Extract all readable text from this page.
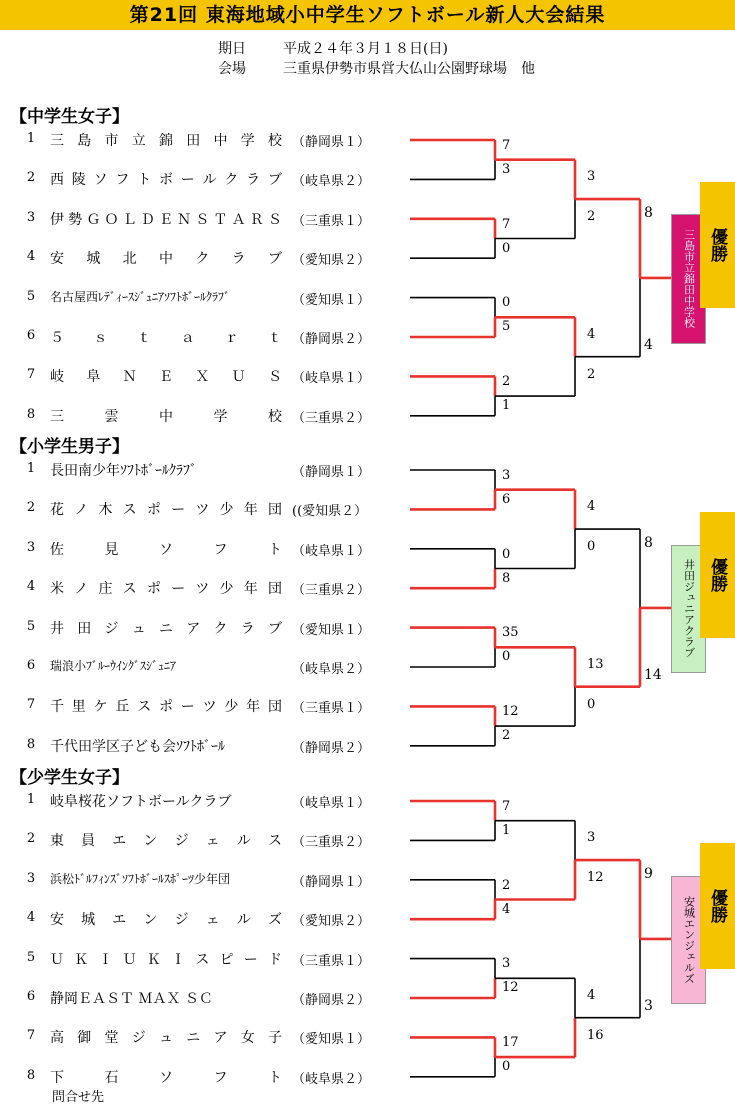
第21回 東海地域小中学生ソフトボール新人大会結果
期日	平成２４年３月１８日(日)
会場	三重県伊勢市県営大仏山公園野球場　他
【中学生女子】
1 三 島 市 立 錦 田 中 学 校 （静岡県１）
2 西 陵 ソ フ ト ボ ー ル ク ラ ブ （岐阜県２）
3 伊 勢 Ｇ Ｏ Ｌ Ｄ Ｅ Ｎ Ｓ Ｔ Ａ Ｒ Ｓ （三重県１）
4 安 城 北 中 ク ラ ブ （愛知県２）
5 名古屋西ﾚﾃﾞｨｰｽｼﾞｭﾆｱｿﾌﾄﾎﾞｰﾙｸﾗﾌﾞ	（愛知県１）
6 ５ ｓ ｔ ａ ｒ ｔ （静岡県２）
7 岐 阜 Ｎ Ｅ Ｘ Ｕ Ｓ （岐阜県１）
8 三	雲	中	学	校 （三重県２）
7
3
7
0
0
5
2
1
3
2
4
2
8
4
三島市立錦田中学校 優勝
【小学生男子】
1 長田南少年ｿﾌﾄﾎﾞｰﾙｸﾗﾌﾞ	（静岡県１）
2 花 ノ 木 ス ポ ー ツ 少 年 団 ((愛知県２）
3 佐	見	ソ	フ	ト （岐阜県１）
4 米 ノ 庄 ス ポ ー ツ 少 年 団 （三重県２）
5 井 田 ジ ュ ニ ア ク ラ ブ （愛知県１）
6 瑞浪小ﾌﾞﾙｰｳｲﾝｸﾞｽｼﾞｭﾆｱ	（岐阜県２）
7 千 里 ケ 丘 ス ポ ー ツ 少 年 団 （三重県１）
8 千代田学区子ども会ｿﾌﾄﾎﾞｰﾙ	（静岡県２）
3
6
0
8
35
0
12
2
4
0
13
0
8
14
井田ジュニアクラブ 優勝
【少学生女子】
1 岐阜桜花ソフトボールクラブ	（岐阜県１）
2 東 員 エ ン ジ ェ ル ス （三重県２）
3 浜松ﾄﾞﾙﾌｨﾝｽﾞｿﾌﾄﾎﾞｰﾙｽﾎﾟｰﾂ少年団	（静岡県１）
4 安 城 エ ン ジ ェ ル ズ （愛知県２）
5 Ｕ Ｋ Ｉ Ｕ Ｋ Ｉ ス ピ ー ド （三重県１）
6 静岡ＥＡＳＴ ＭＡＸ ＳＣ	（静岡県２）
7 高 御 堂 ジ ュ ニ ア 女 子 （愛知県１）
8 下	石	ソ	フ	ト （岐阜県２）
7
1
2
4
3
12
17
0
3
12
4
16
9
3
安城エンジェルズ 優勝
問合せ先
